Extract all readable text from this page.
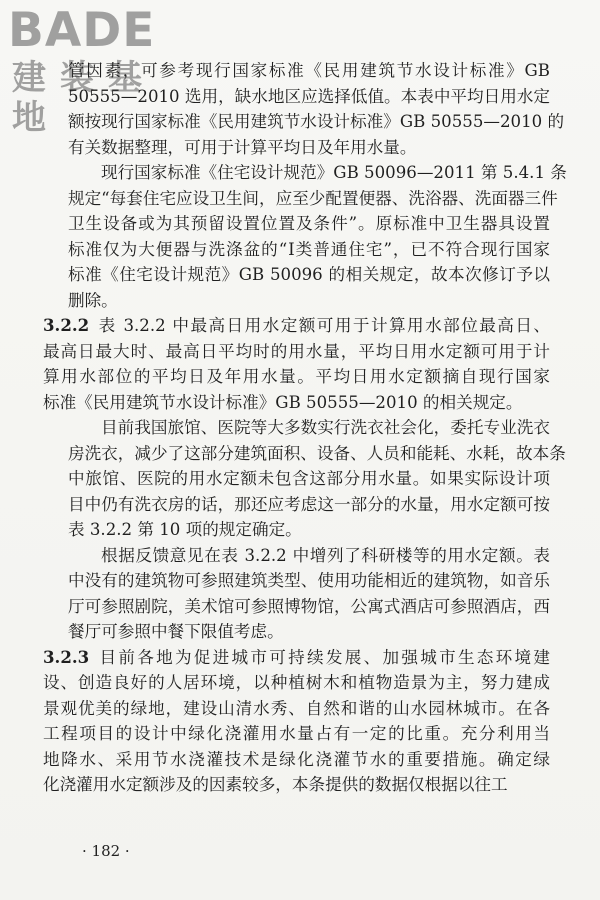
BADE
建装基地
管因素，可参考现行国家标准《民用建筑节水设计标准》GB
50555—2010 选用，缺水地区应选择低值。本表中平均日用水定
额按现行国家标准《民用建筑节水设计标准》GB 50555—2010 的
有关数据整理，可用于计算平均日及年用水量。
现行国家标准《住宅设计规范》GB 50096—2011 第 5.4.1 条
规定“每套住宅应设卫生间，应至少配置便器、洗浴器、洗面器三件
卫生设备或为其预留设置位置及条件”。原标准中卫生器具设置
标准仅为大便器与洗涤盆的“Ⅰ类普通住宅”，已不符合现行国家
标准《住宅设计规范》GB 50096 的相关规定，故本次修订予以
删除。
3.2.2 表 3.2.2 中最高日用水定额可用于计算用水部位最高日、
最高日最大时、最高日平均时的用水量，平均日用水定额可用于计
算用水部位的平均日及年用水量。平均日用水定额摘自现行国家
标准《民用建筑节水设计标准》GB 50555—2010 的相关规定。
目前我国旅馆、医院等大多数实行洗衣社会化，委托专业洗衣
房洗衣，减少了这部分建筑面积、设备、人员和能耗、水耗，故本条
中旅馆、医院的用水定额未包含这部分用水量。如果实际设计项
目中仍有洗衣房的话，那还应考虑这一部分的水量，用水定额可按
表 3.2.2 第 10 项的规定确定。
根据反馈意见在表 3.2.2 中增列了科研楼等的用水定额。表
中没有的建筑物可参照建筑类型、使用功能相近的建筑物，如音乐
厅可参照剧院，美术馆可参照博物馆，公寓式酒店可参照酒店，西
餐厅可参照中餐下限值考虑。
3.2.3 目前各地为促进城市可持续发展、加强城市生态环境建
设、创造良好的人居环境，以种植树木和植物造景为主，努力建成
景观优美的绿地，建设山清水秀、自然和谐的山水园林城市。在各
工程项目的设计中绿化浇灌用水量占有一定的比重。充分利用当
地降水、采用节水浇灌技术是绿化浇灌节水的重要措施。确定绿
化浇灌用水定额涉及的因素较多，本条提供的数据仅根据以往工
· 182 ·
